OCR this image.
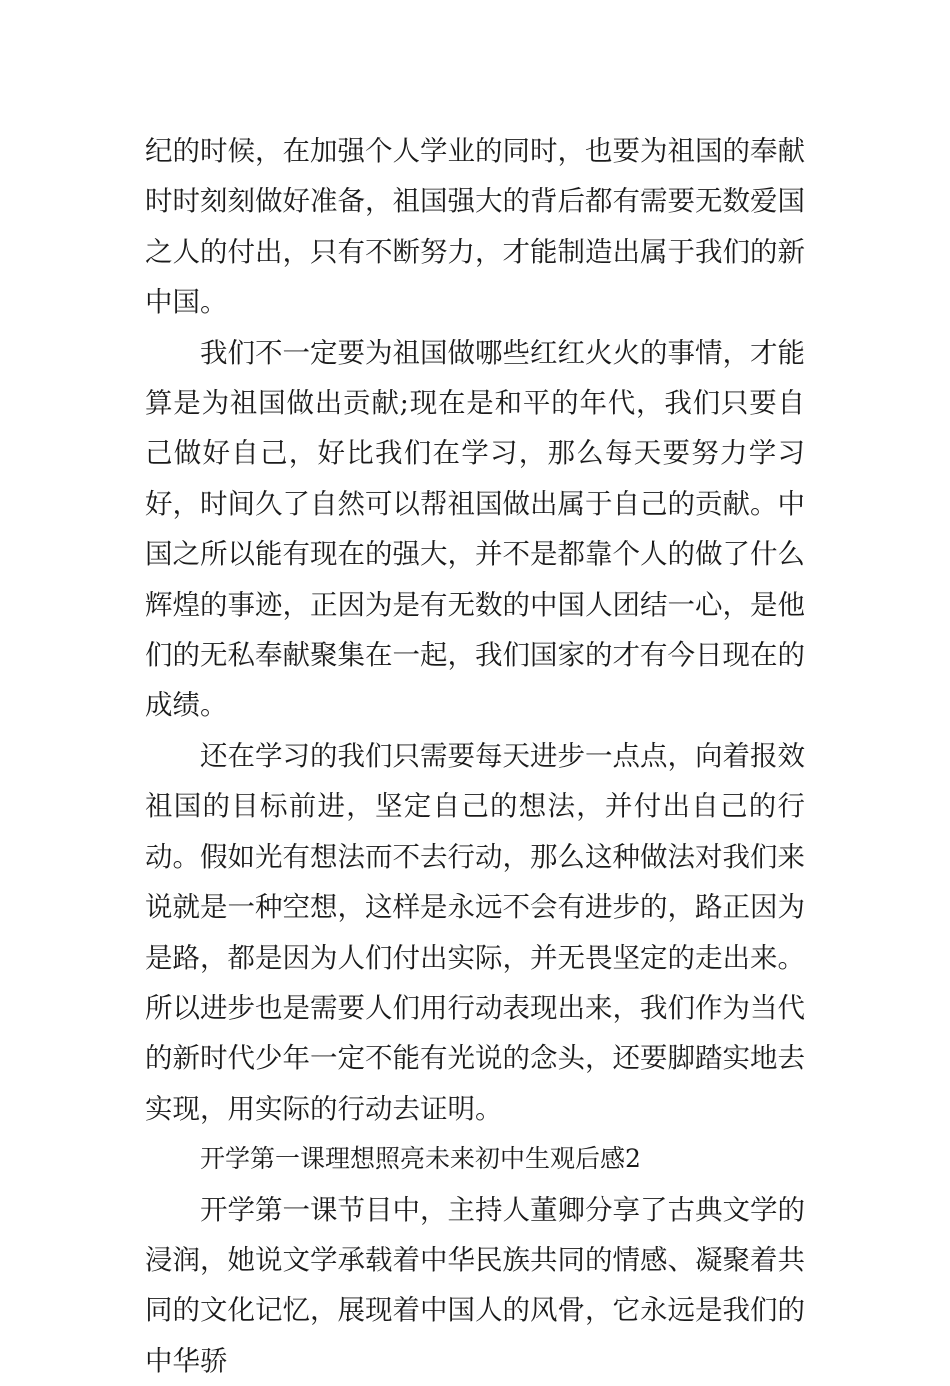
纪的时候，在加强个人学业的同时，也要为祖国的奉献时时刻刻做好准备，祖国强大的背后都有需要无数爱国之人的付出，只有不断努力，才能制造出属于我们的新中国。

我们不一定要为祖国做哪些红红火火的事情，才能算是为祖国做出贡献;现在是和平的年代，我们只要自己做好自己，好比我们在学习，那么每天要努力学习好，时间久了自然可以帮祖国做出属于自己的贡献。中国之所以能有现在的强大，并不是都靠个人的做了什么辉煌的事迹，正因为是有无数的中国人团结一心，是他们的无私奉献聚集在一起，我们国家的才有今日现在的成绩。

还在学习的我们只需要每天进步一点点，向着报效祖国的目标前进，坚定自己的想法，并付出自己的行动。假如光有想法而不去行动，那么这种做法对我们来说就是一种空想，这样是永远不会有进步的，路正因为是路，都是因为人们付出实际，并无畏坚定的走出来。所以进步也是需要人们用行动表现出来，我们作为当代的新时代少年一定不能有光说的念头，还要脚踏实地去实现，用实际的行动去证明。

开学第一课理想照亮未来初中生观后感2

开学第一课节目中，主持人董卿分享了古典文学的浸润，她说文学承载着中华民族共同的情感、凝聚着共同的文化记忆，展现着中国人的风骨，它永远是我们的中华骄
